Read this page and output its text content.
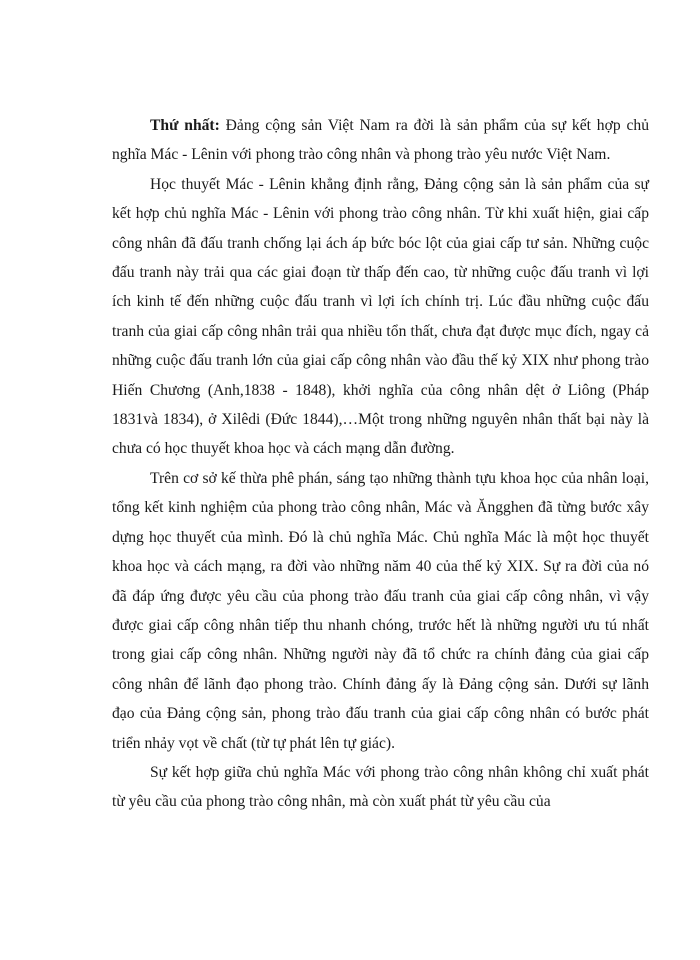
Thứ nhất: Đảng cộng sản Việt Nam ra đời là sản phẩm của sự kết hợp chủ nghĩa Mác - Lênin với phong trào công nhân và phong trào yêu nước Việt Nam.

Học thuyết Mác - Lênin khẳng định rằng, Đảng cộng sản là sản phẩm của sự kết hợp chủ nghĩa Mác - Lênin với phong trào công nhân. Từ khi xuất hiện, giai cấp công nhân đã đấu tranh chống lại ách áp bức bóc lột của giai cấp tư sản. Những cuộc đấu tranh này trải qua các giai đoạn từ thấp đến cao, từ những cuộc đấu tranh vì lợi ích kinh tế đến những cuộc đấu tranh vì lợi ích chính trị. Lúc đầu những cuộc đấu tranh của giai cấp công nhân trải qua nhiều tổn thất, chưa đạt được mục đích, ngay cả những cuộc đấu tranh lớn của giai cấp công nhân vào đầu thế kỷ XIX như phong trào Hiến Chương (Anh,1838 - 1848), khởi nghĩa của công nhân dệt ở Liông (Pháp 1831và 1834), ở Xilêdi (Đức 1844),…Một trong những nguyên nhân thất bại này là chưa có học thuyết khoa học và cách mạng dẫn đường.

Trên cơ sở kế thừa phê phán, sáng tạo những thành tựu khoa học của nhân loại, tổng kết kinh nghiệm của phong trào công nhân, Mác và Ăngghen đã từng bước xây dựng học thuyết của mình. Đó là chủ nghĩa Mác. Chủ nghĩa Mác là một học thuyết khoa học và cách mạng, ra đời vào những năm 40 của thế kỷ XIX. Sự ra đời của nó đã đáp ứng được yêu cầu của phong trào đấu tranh của giai cấp công nhân, vì vậy được giai cấp công nhân tiếp thu nhanh chóng, trước hết là những người ưu tú nhất trong giai cấp công nhân. Những người này đã tổ chức ra chính đảng của giai cấp công nhân để lãnh đạo phong trào. Chính đảng ấy là Đảng cộng sản. Dưới sự lãnh đạo của Đảng cộng sản, phong trào đấu tranh của giai cấp công nhân có bước phát triển nhảy vọt về chất (từ tự phát lên tự giác).

Sự kết hợp giữa chủ nghĩa Mác với phong trào công nhân không chỉ xuất phát từ yêu cầu của phong trào công nhân, mà còn xuất phát từ yêu cầu của
